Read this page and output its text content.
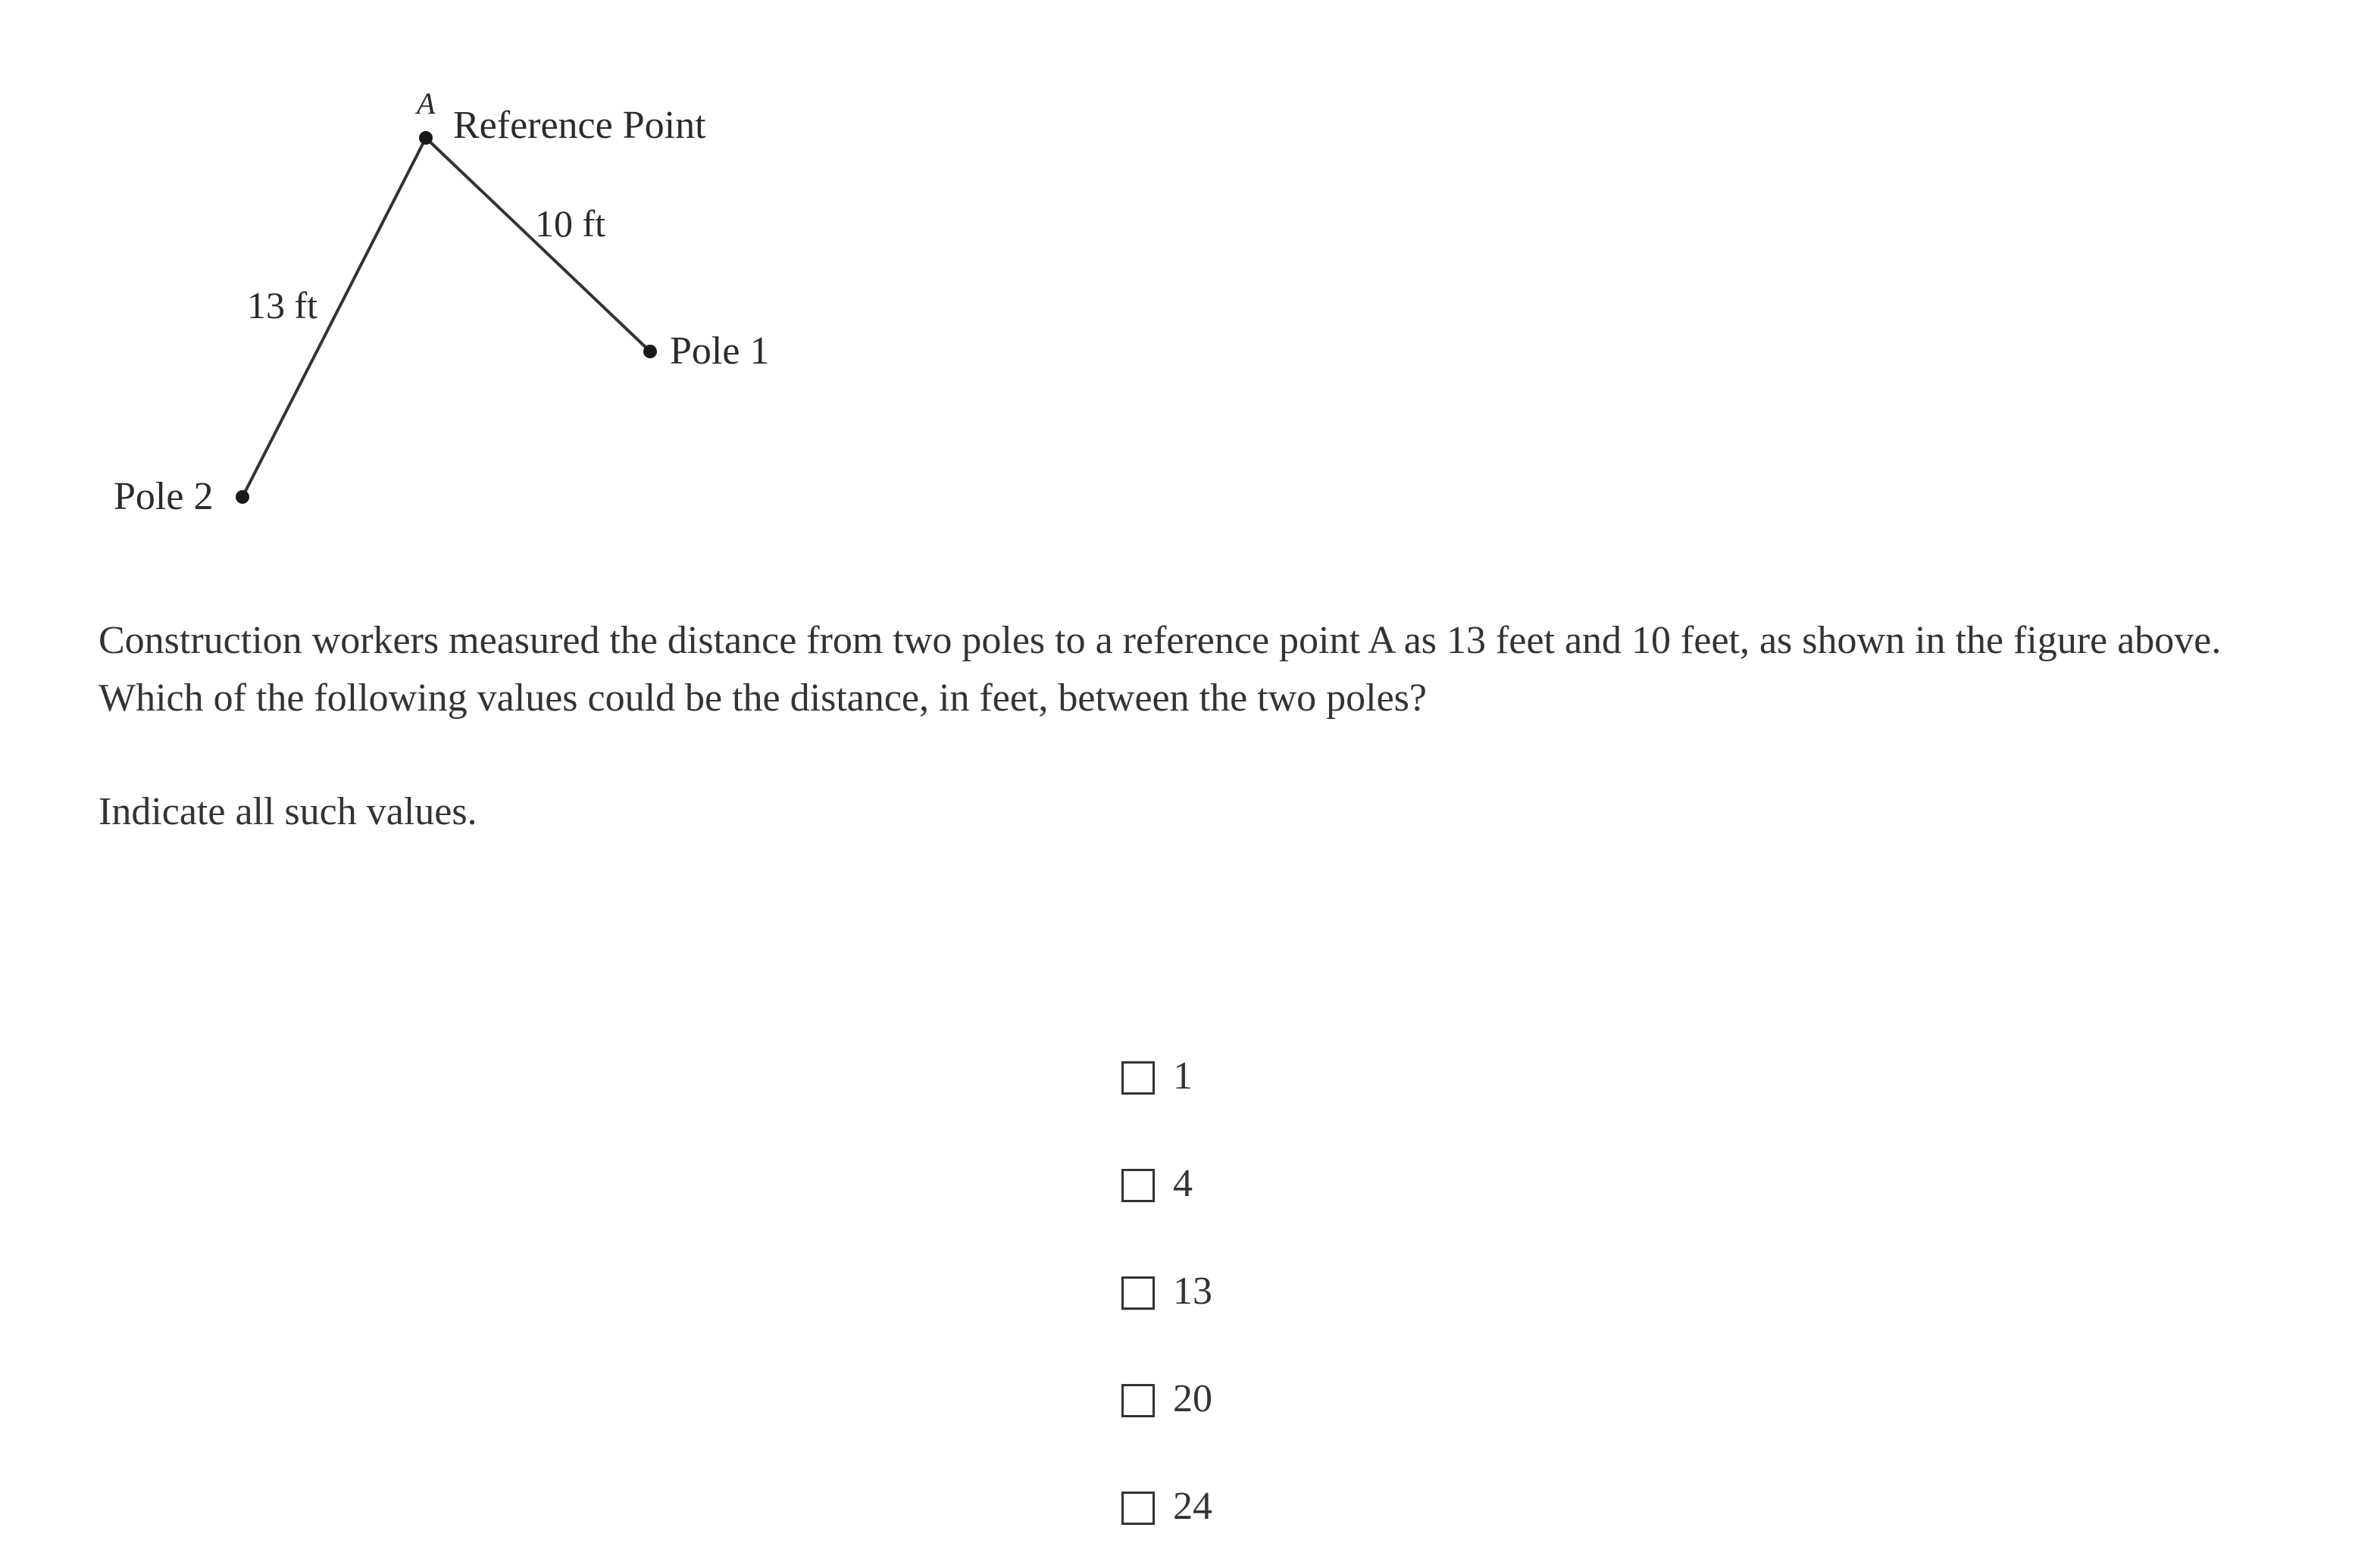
A
Reference Point
10 ft
13 ft
Pole 1
Pole 2

Construction workers measured the distance from two poles to a reference point A as 13 feet and 10 feet, as shown in the figure above. Which of the following values could be the distance, in feet, between the two poles?

Indicate all such values.

1
4
13
20
24
